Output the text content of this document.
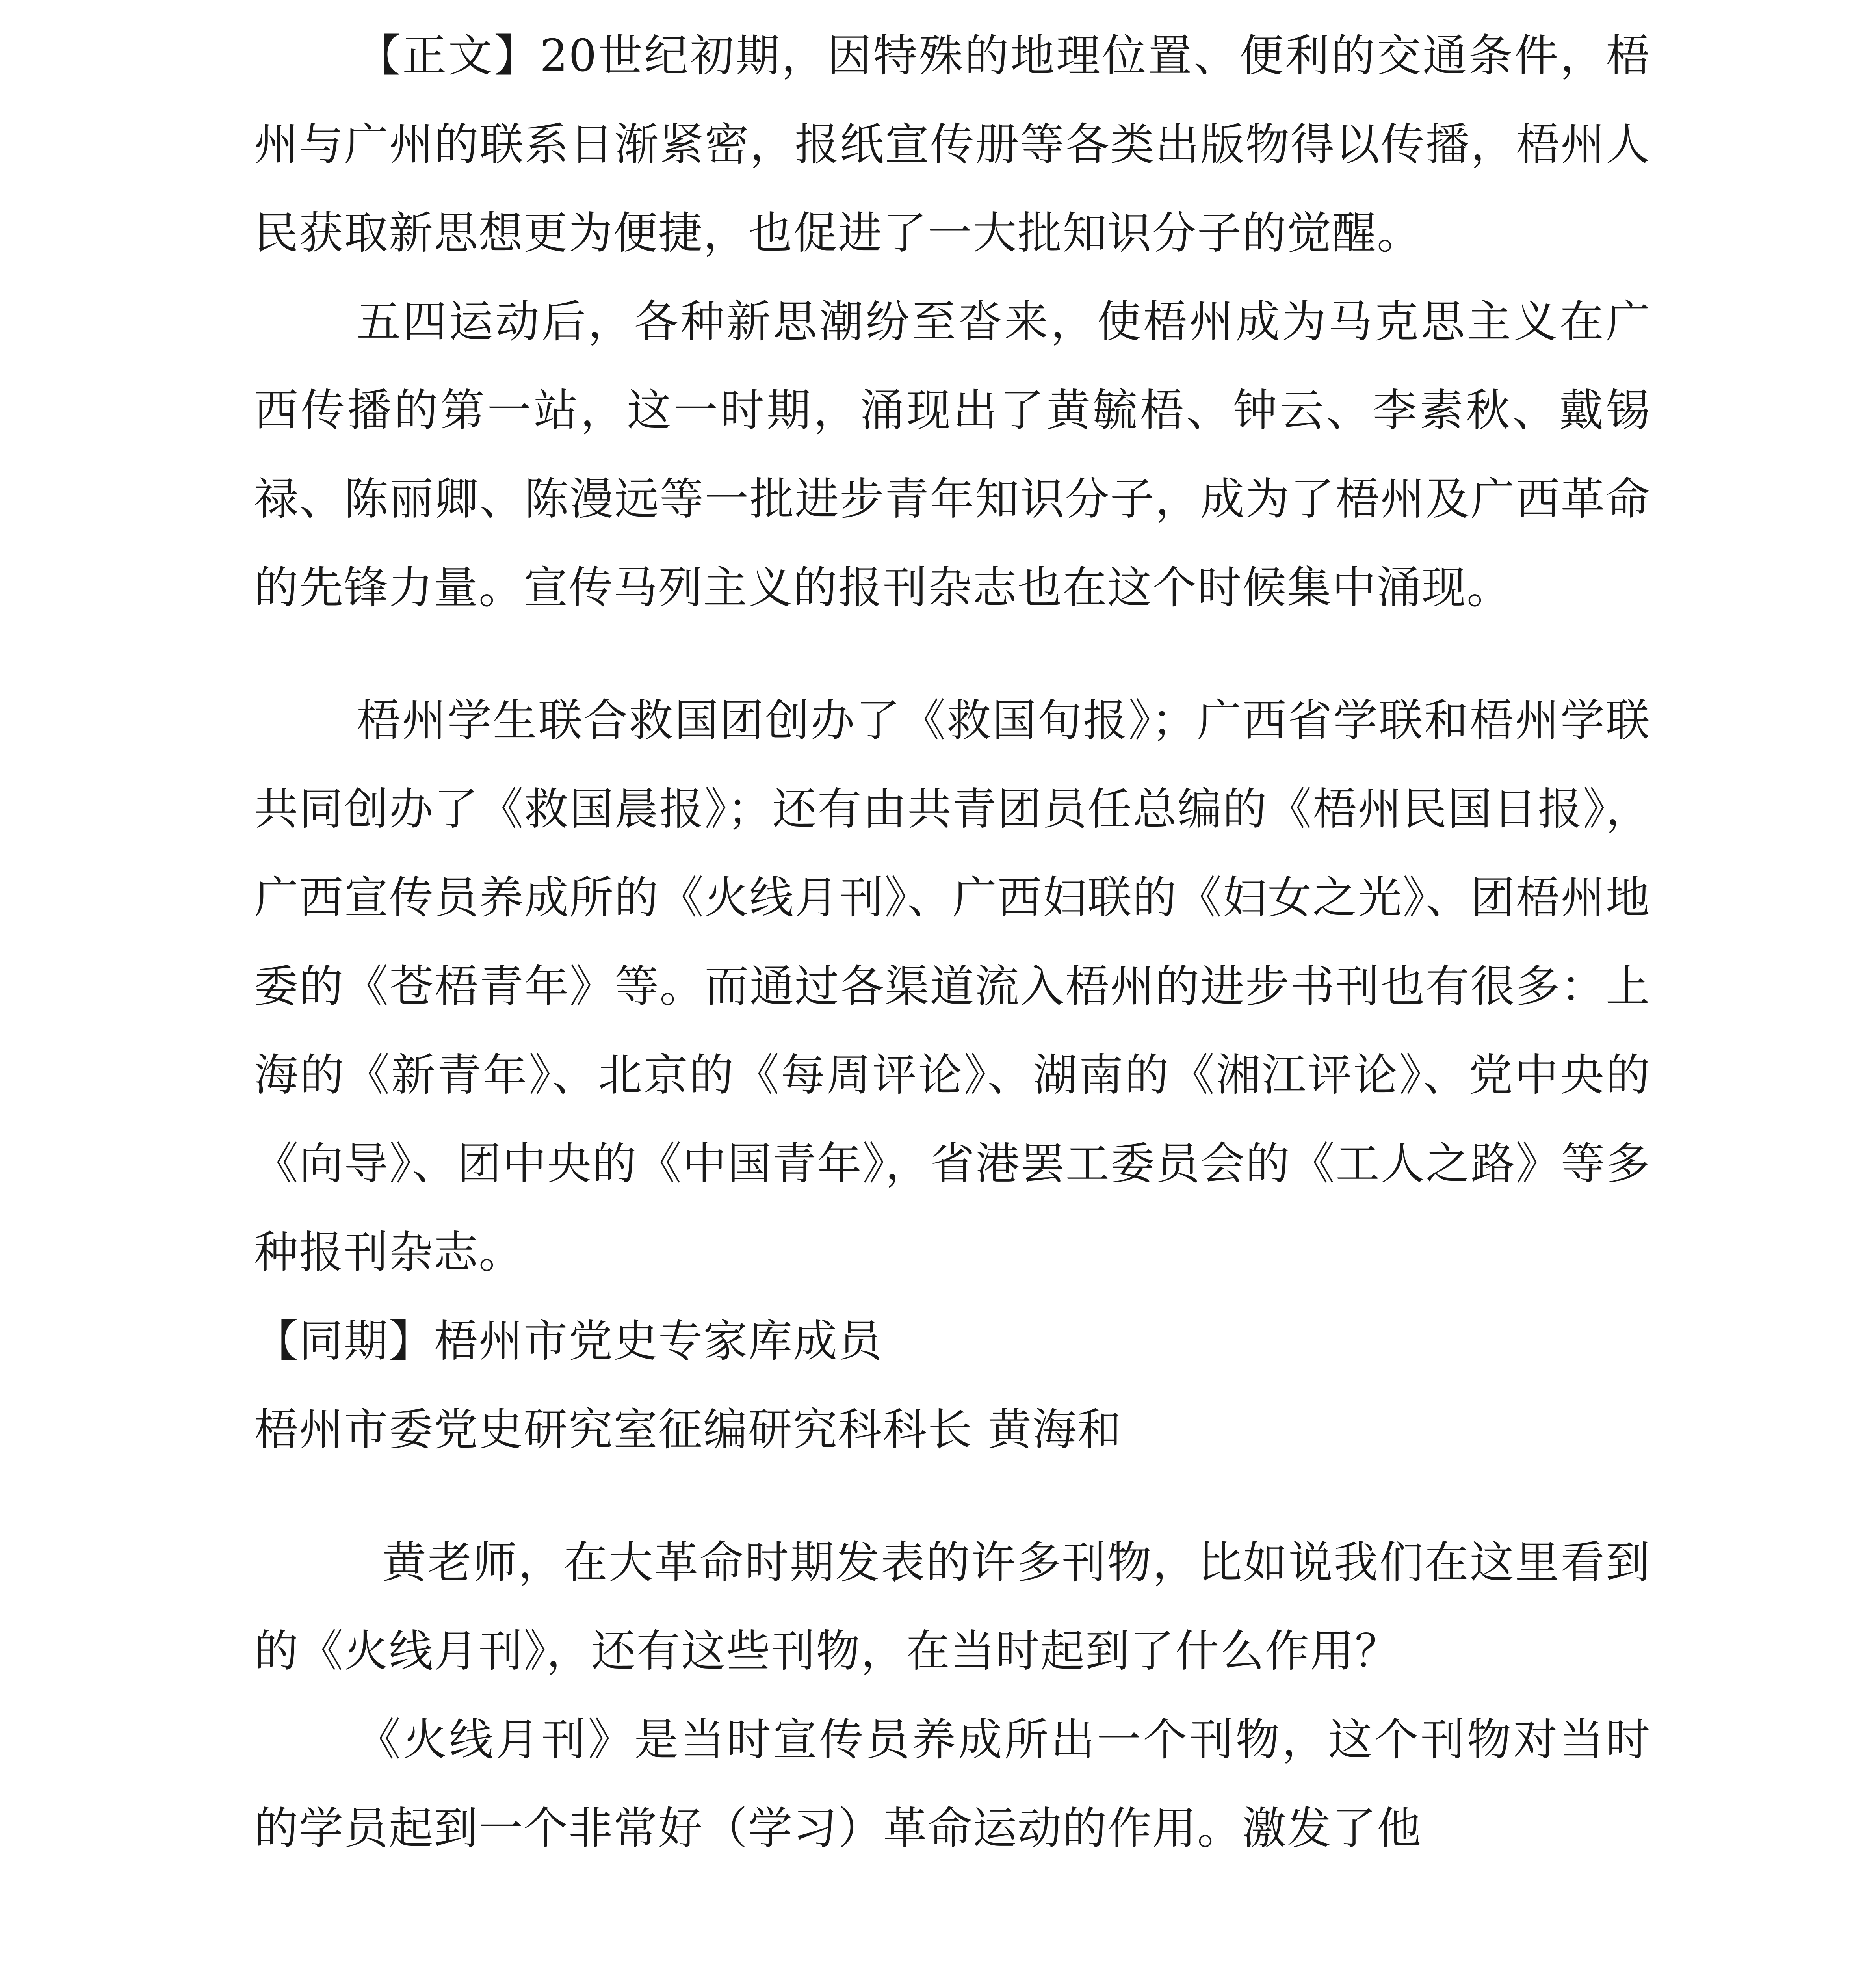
【正文】20世纪初期，因特殊的地理位置、便利的交通条件，梧州与广州的联系日渐紧密，报纸宣传册等各类出版物得以传播，梧州人民获取新思想更为便捷，也促进了一大批知识分子的觉醒。

五四运动后，各种新思潮纷至沓来，使梧州成为马克思主义在广西传播的第一站，这一时期，涌现出了黄毓梧、钟云、李素秋、戴锡禄、陈丽卿、陈漫远等一批进步青年知识分子，成为了梧州及广西革命的先锋力量。宣传马列主义的报刊杂志也在这个时候集中涌现。

梧州学生联合救国团创办了《救国旬报》；广西省学联和梧州学联共同创办了《救国晨报》；还有由共青团员任总编的《梧州民国日报》，广西宣传员养成所的《火线月刊》、广西妇联的《妇女之光》、团梧州地委的《苍梧青年》等。而通过各渠道流入梧州的进步书刊也有很多：上海的《新青年》、北京的《每周评论》、湖南的《湘江评论》、党中央的《向导》、团中央的《中国青年》，省港罢工委员会的《工人之路》等多种报刊杂志。

【同期】梧州市党史专家库成员

梧州市委党史研究室征编研究科科长 黄海和

黄老师，在大革命时期发表的许多刊物，比如说我们在这里看到的《火线月刊》，还有这些刊物，在当时起到了什么作用？

《火线月刊》是当时宣传员养成所出一个刊物，这个刊物对当时的学员起到一个非常好（学习）革命运动的作用。激发了他
